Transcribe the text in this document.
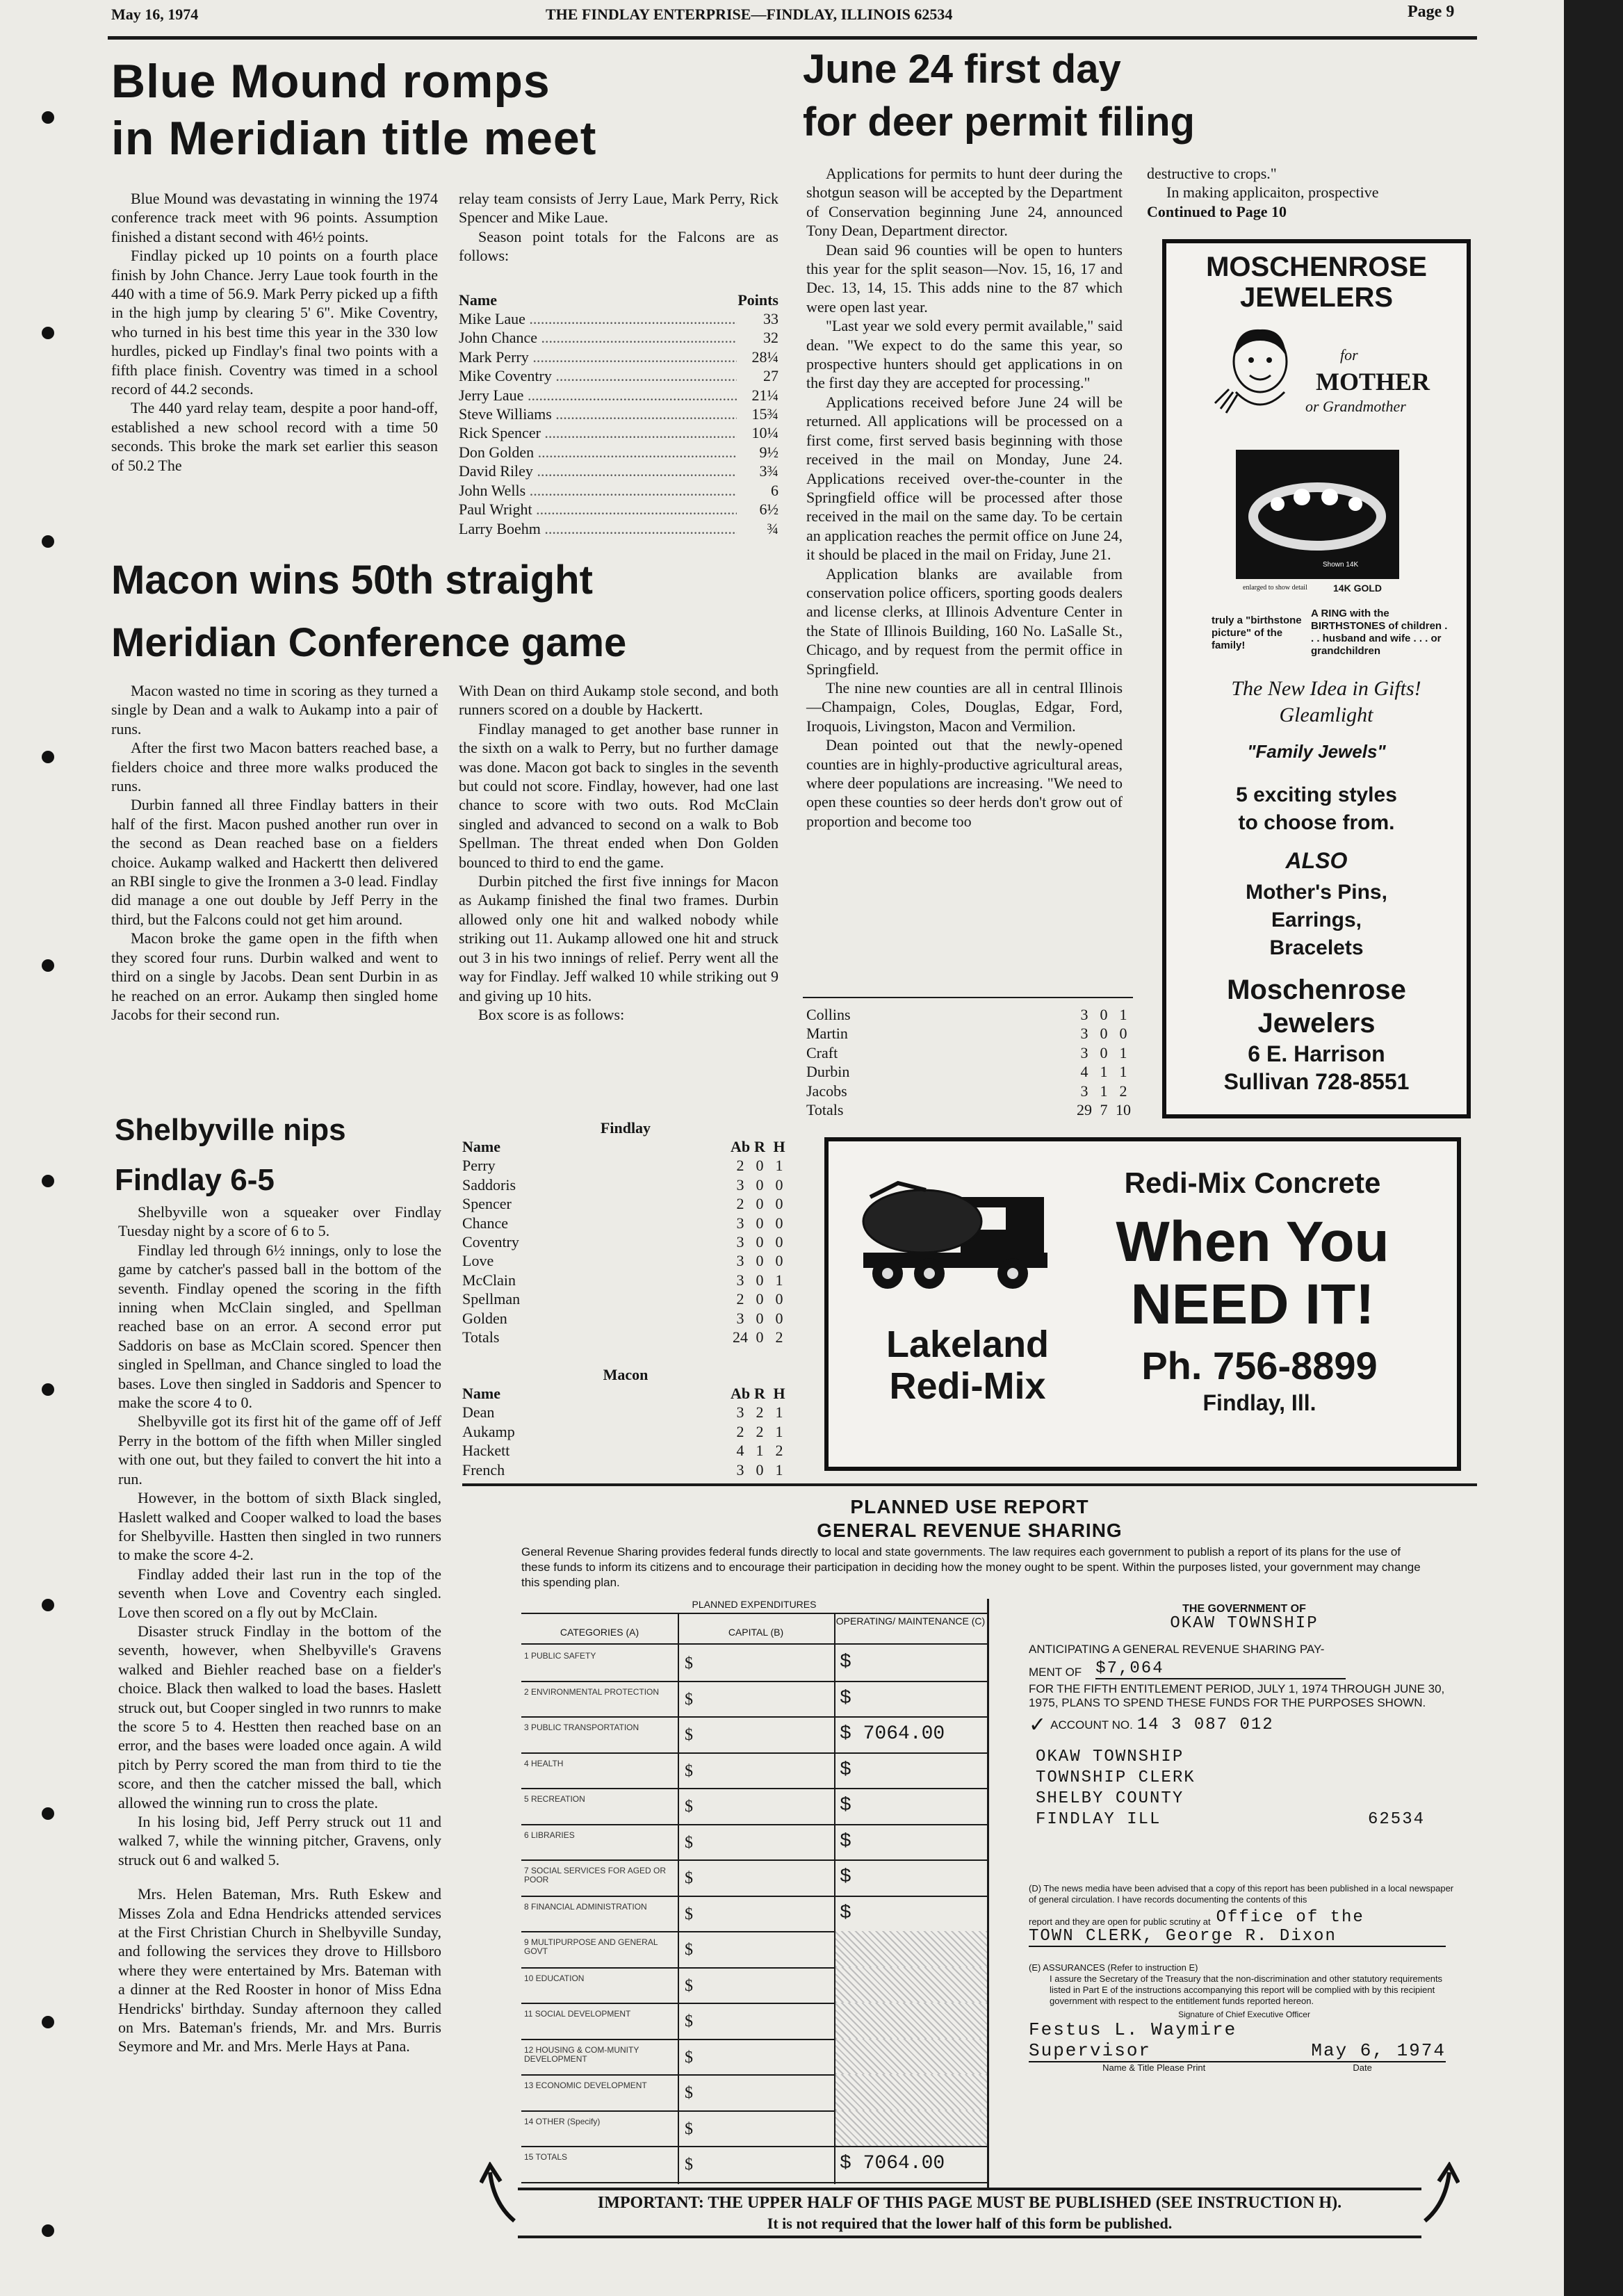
May 16, 1974	THE FINDLAY ENTERPRISE—FINDLAY, ILLINOIS 62534	Page 9
Blue Mound romps
in Meridian title meet

Blue Mound was devastating in winning the 1974 conference track meet with 96 points. Assumption finished a distant second with 46½ points.

Findlay picked up 10 points on a fourth place finish by John Chance. Jerry Laue took fourth in the 440 with a time of 56.9. Mark Perry picked up a fifth in the high jump by clearing 5' 6". Mike Coventry, who turned in his best time this year in the 330 low hurdles, picked up Findlay's final two points with a fifth place finish. Coventry was timed in a school record of 44.2 seconds.

The 440 yard relay team, despite a poor hand-off, established a new school record with a time 50 seconds. This broke the mark set earlier this season of 50.2 The

relay team consists of Jerry Laue, Mark Perry, Rick Spencer and Mike Laue.

Season point totals for the Falcons are as follows:

Name	Points
Mike Laue .....	33
John Chance .....	32
Mark Perry .....	28¼
Mike Coventry .....	27
Jerry Laue .....	21¼
Steve Williams .....	15¾
Rick Spencer .....	10¼
Don Golden .....	9½
David Riley .....	3¾
John Wells .....	6
Paul Wright .....	6½
Larry Boehm .....	¾
Macon wins 50th straight
Meridian Conference game

Macon wasted no time in scoring as they turned a single by Dean and a walk to Aukamp into a pair of runs.

After the first two Macon batters reached base, a fielders choice and three more walks produced the runs.

Durbin fanned all three Findlay batters in their half of the first. Macon pushed another run over in the second as Dean reached base on a fielders choice. Aukamp walked and Hackertt then delivered an RBI single to give the Ironmen a 3-0 lead. Findlay did manage a one out double by Jeff Perry in the third, but the Falcons could not get him around.

Macon broke the game open in the fifth when they scored four runs. Durbin walked and went to third on a single by Jacobs. Dean sent Durbin in as he reached on an error. Aukamp then singled home Jacobs for their second run.

With Dean on third Aukamp stole second, and both runners scored on a double by Hackertt.

Findlay managed to get another base runner in the sixth on a walk to Perry, but no further damage was done. Macon got back to singles in the seventh but could not score. Findlay, however, had one last chance to score with two outs. Rod McClain singled and advanced to second on a walk to Bob Spellman. The threat ended when Don Golden bounced to third to end the game.

Durbin pitched the first five innings for Macon as Aukamp finished the final two frames. Durbin allowed only one hit and walked nobody while striking out 11. Aukamp allowed one hit and struck out 3 in his two innings of relief. Perry went all the way for Findlay. Jeff walked 10 while striking out 9 and giving up 10 hits.

Box score is as follows:

Findlay
Name	Ab R H
Perry	2 0 1
Saddoris	3 0 0
Spencer	2 0 0
Chance	3 0 0
Coventry	3 0 0
Love	3 0 0
McClain	3 0 1
Spellman	2 0 0
Golden	3 0 0
Totals	24 0 2
Macon
Name	Ab R H
Dean	3 2 1
Aukamp	2 2 1
Hackett	4 1 2
French	3 0 1
Collins	3 0 1
Martin	3 0 0
Craft	3 0 1
Durbin	4 1 1
Jacobs	3 1 2
Totals	29 7 10
Shelbyville nips
Findlay 6-5

Shelbyville won a squeaker over Findlay Tuesday night by a score of 6 to 5.

Findlay led through 6½ innings, only to lose the game by catcher's passed ball in the bottom of the seventh. Findlay opened the scoring in the fifth inning when McClain singled, and Spellman reached base on an error. A second error put Saddoris on base as McClain scored. Spencer then singled in Spellman, and Chance singled to load the bases. Love then singled in Saddoris and Spencer to make the score 4 to 0.

Shelbyville got its first hit of the game off of Jeff Perry in the bottom of the fifth when Miller singled with one out, but they failed to convert the hit into a run.

However, in the bottom of sixth Black singled, Haslett walked and Cooper walked to load the bases for Shelbyville. Hastten then singled in two runners to make the score 4-2.

Findlay added their last run in the top of the seventh when Love and Coventry each singled. Love then scored on a fly out by McClain.

Disaster struck Findlay in the bottom of the seventh, however, when Shelbyville's Gravens walked and Biehler reached base on a fielder's choice. Black then walked to load the bases. Haslett struck out, but Cooper singled in two runnrs to make the score 5 to 4. Hestten then reached base on an error, and the bases were loaded once again. A wild pitch by Perry scored the man from third to tie the score, and then the catcher missed the ball, which allowed the winning run to cross the plate.

In his losing bid, Jeff Perry struck out 11 and walked 7, while the winning pitcher, Gravens, only struck out 6 and walked 5.

Mrs. Helen Bateman, Mrs. Ruth Eskew and Misses Zola and Edna Hendricks attended services at the First Christian Church in Shelbyville Sunday, and following the services they drove to Hillsboro where they were entertained by Mrs. Bateman with a dinner at the Red Rooster in honor of Miss Edna Hendricks' birthday. Sunday afternoon they called on Mrs. Bateman's friends, Mr. and Mrs. Burris Seymore and Mr. and Mrs. Merle Hays at Pana.

June 24 first day
for deer permit filing

Applications for permits to hunt deer during the shotgun season will be accepted by the Department of Conservation beginning June 24, announced Tony Dean, Department director.

Dean said 96 counties will be open to hunters this year for the split season—Nov. 15, 16, 17 and Dec. 13, 14, 15. This adds nine to the 87 which were open last year.

"Last year we sold every permit available," said dean. "We expect to do the same this year, so prospective hunters should get applications in on the first day they are accepted for processing."

Applications received before June 24 will be returned. All applications will be processed on a first come, first served basis beginning with those received in the mail on Monday, June 24. Applications received over-the-counter in the Springfield office will be processed after those received in the mail on the same day. To be certain an application reaches the permit office on June 24, it should be placed in the mail on Friday, June 21.

Application blanks are available from conservation police officers, sporting goods dealers and license clerks, at Illinois Adventure Center in the State of Illinois Building, 160 No. LaSalle St., Chicago, and by request from the permit office in Springfield.

The nine new counties are all in central Illinois—Champaign, Coles, Douglas, Edgar, Ford, Iroquois, Livingston, Macon and Vermilion.

Dean pointed out that the newly-opened counties are in highly-productive agricultural areas, where deer populations are increasing. "We need to open these counties so deer herds don't grow out of proportion and become too

destructive to crops."

In making applicaiton, prospective

Continued to Page 10
MOSCHENROSE
JEWELERS
for
MOTHER
or Grandmother
Shown 14K
enlarged to show detail	14K GOLD
truly a "birthstone picture" of the family!
A RING with the BIRTHSTONES of children . . . husband and wife . . . or grandchildren
The New Idea in Gifts!
Gleamlight
"Family Jewels"
5 exciting styles
to choose from.
ALSO
Mother's Pins,
Earrings,
Bracelets
Moschenrose
Jewelers
6 E. Harrison
Sullivan 728-8551
Redi-Mix Concrete
When You
NEED IT!
Lakeland
Redi-Mix	Ph. 756-8899
Findlay, Ill.
PLANNED USE REPORT
GENERAL REVENUE SHARING
General Revenue Sharing provides federal funds directly to local and state governments. The law requires each government to publish a report of its plans for the use of these funds to inform its citizens and to encourage their participation in deciding how the money ought to be spent. Within the purposes listed, your government may change this spending plan.
PLANNED EXPENDITURES
CATEGORIES (A)	CAPITAL (B)
OPERATING/ MAINTENANCE (C)
1 PUBLIC SAFETY	$	$
2 ENVIRONMENTAL PROTECTION	$	$
3 PUBLIC TRANSPORTATION	$	$ 7064.00
4 HEALTH	$	$
5 RECREATION	$	$
6 LIBRARIES	$	$
7 SOCIAL SERVICES FOR AGED OR POOR	$	$
8 FINANCIAL ADMINISTRATION	$	$
9 MULTIPURPOSE AND GENERAL GOVT	$
10 EDUCATION	$
11 SOCIAL DEVELOPMENT	$
12 HOUSING & COM-MUNITY DEVELOPMENT	$
13 ECONOMIC DEVELOPMENT	$
14 OTHER (Specify)	$
15 TOTALS	$	$ 7064.00
THE GOVERNMENT OF
OKAW TOWNSHIP
ANTICIPATING A GENERAL REVENUE SHARING PAY-
MENT OF $7,064
FOR THE FIFTH ENTITLEMENT PERIOD, JULY 1, 1974 THROUGH JUNE 30, 1975, PLANS TO SPEND THESE FUNDS FOR THE PURPOSES SHOWN.
✓ ACCOUNT NO. 14 3 087 012
OKAW TOWNSHIP
TOWNSHIP CLERK
SHELBY COUNTY
FINDLAY ILL	62534
(D) The news media have been advised that a copy of this report has been published in a local newspaper of general circulation. I have records documenting the contents of this
report and they are open for public scrutiny at Office of the
TOWN CLERK, George R. Dixon
(E) ASSURANCES (Refer to instruction E)
I assure the Secretary of the Treasury that the non-discrimination and other statutory requirements listed in Part E of the instructions accompanying this report will be complied with by this recipient government with respect to the entitlement funds reported hereon.
Signature of Chief Executive Officer
Festus L. Waymire
Supervisor	May 6, 1974
Name & Title Please Print	Date
IMPORTANT: THE UPPER HALF OF THIS PAGE MUST BE PUBLISHED (SEE INSTRUCTION H).
It is not required that the lower half of this form be published.
